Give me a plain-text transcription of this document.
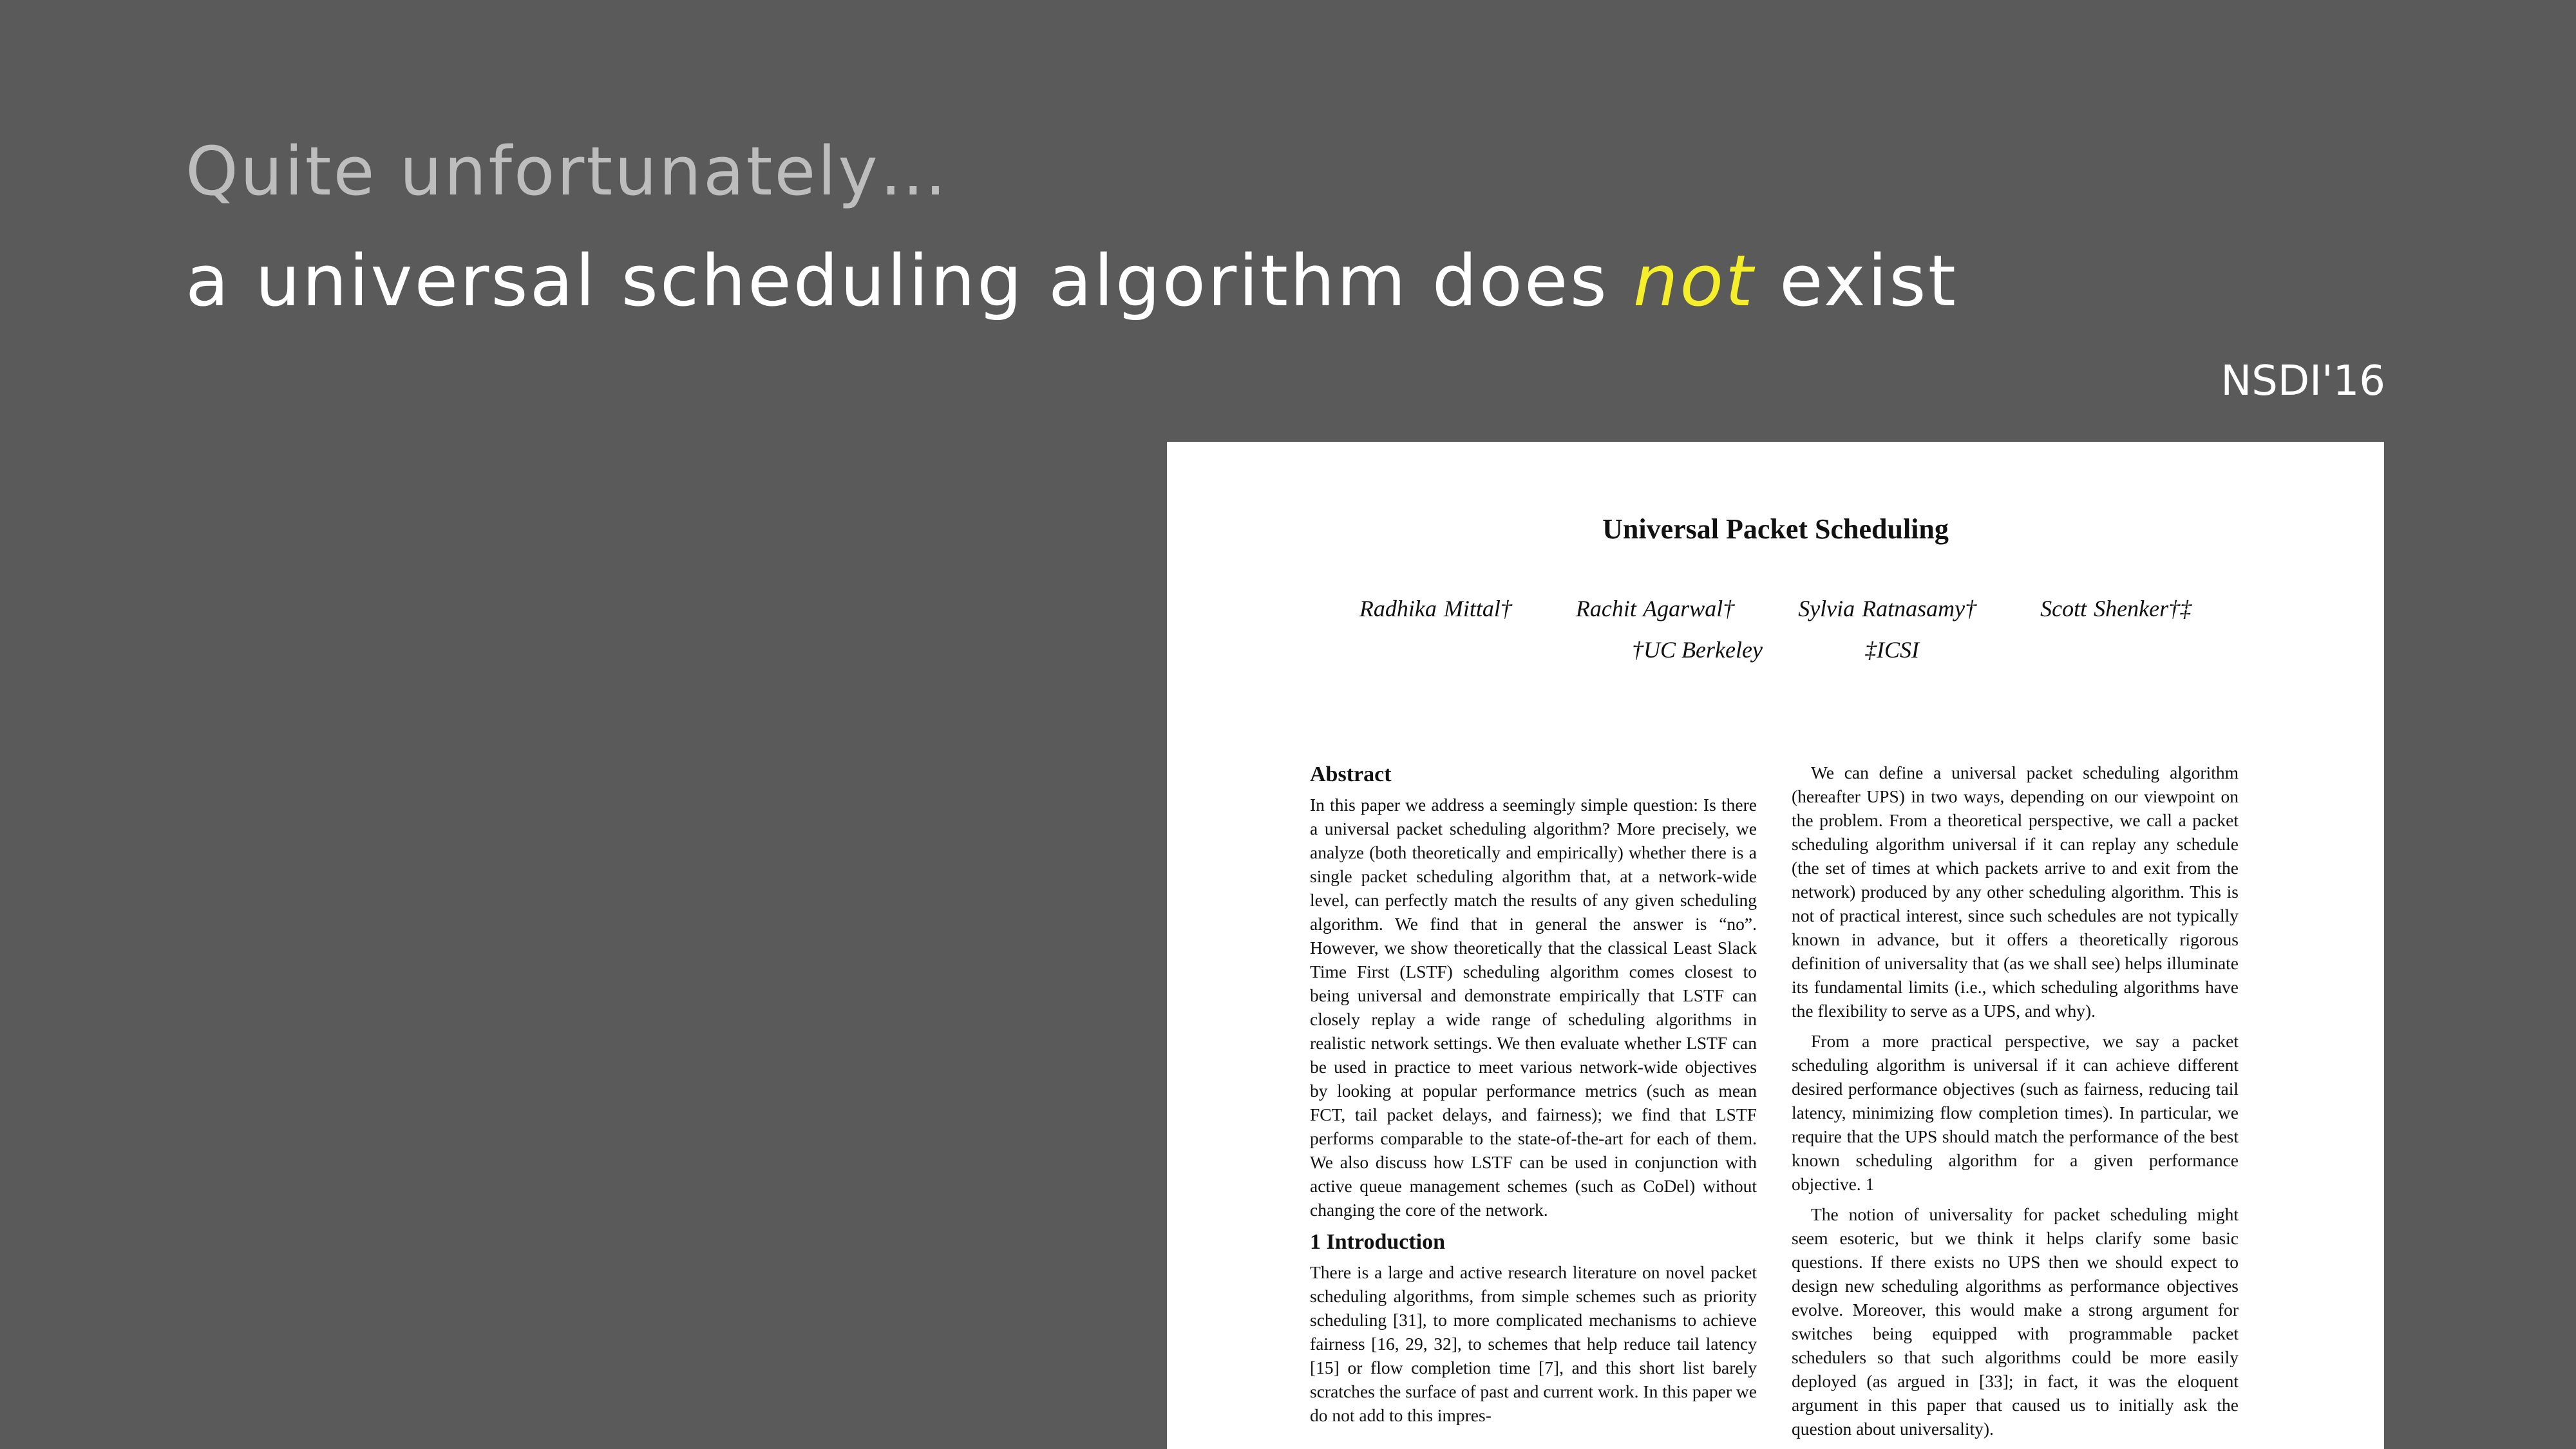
Quite unfortunately…
a universal scheduling algorithm does not exist
NSDI'16
Universal Packet Scheduling
Radhika Mittal†	Rachit Agarwal†	Sylvia Ratnasamy†	Scott Shenker†‡
†UC Berkeley	‡ICSI
Abstract

In this paper we address a seemingly simple question: Is there a universal packet scheduling algorithm? More precisely, we analyze (both theoretically and empirically) whether there is a single packet scheduling algorithm that, at a network-wide level, can perfectly match the results of any given scheduling algorithm. We find that in general the answer is “no”. However, we show theoretically that the classical Least Slack Time First (LSTF) scheduling algorithm comes closest to being universal and demonstrate empirically that LSTF can closely replay a wide range of scheduling algorithms in realistic network settings. We then evaluate whether LSTF can be used in practice to meet various network-wide objectives by looking at popular performance metrics (such as mean FCT, tail packet delays, and fairness); we find that LSTF performs comparable to the state-of-the-art for each of them. We also discuss how LSTF can be used in conjunction with active queue management schemes (such as CoDel) without changing the core of the network.

1 Introduction

There is a large and active research literature on novel packet scheduling algorithms, from simple schemes such as priority scheduling [31], to more complicated mechanisms to achieve fairness [16, 29, 32], to schemes that help reduce tail latency [15] or flow completion time [7], and this short list barely scratches the surface of past and current work. In this paper we do not add to this impres-

We can define a universal packet scheduling algorithm (hereafter UPS) in two ways, depending on our viewpoint on the problem. From a theoretical perspective, we call a packet scheduling algorithm universal if it can replay any schedule (the set of times at which packets arrive to and exit from the network) produced by any other scheduling algorithm. This is not of practical interest, since such schedules are not typically known in advance, but it offers a theoretically rigorous definition of universality that (as we shall see) helps illuminate its fundamental limits (i.e., which scheduling algorithms have the flexibility to serve as a UPS, and why).

From a more practical perspective, we say a packet scheduling algorithm is universal if it can achieve different desired performance objectives (such as fairness, reducing tail latency, minimizing flow completion times). In particular, we require that the UPS should match the performance of the best known scheduling algorithm for a given performance objective. 1

The notion of universality for packet scheduling might seem esoteric, but we think it helps clarify some basic questions. If there exists no UPS then we should expect to design new scheduling algorithms as performance objectives evolve. Moreover, this would make a strong argument for switches being equipped with programmable packet schedulers so that such algorithms could be more easily deployed (as argued in [33]; in fact, it was the eloquent argument in this paper that caused us to initially ask the question about universality).
